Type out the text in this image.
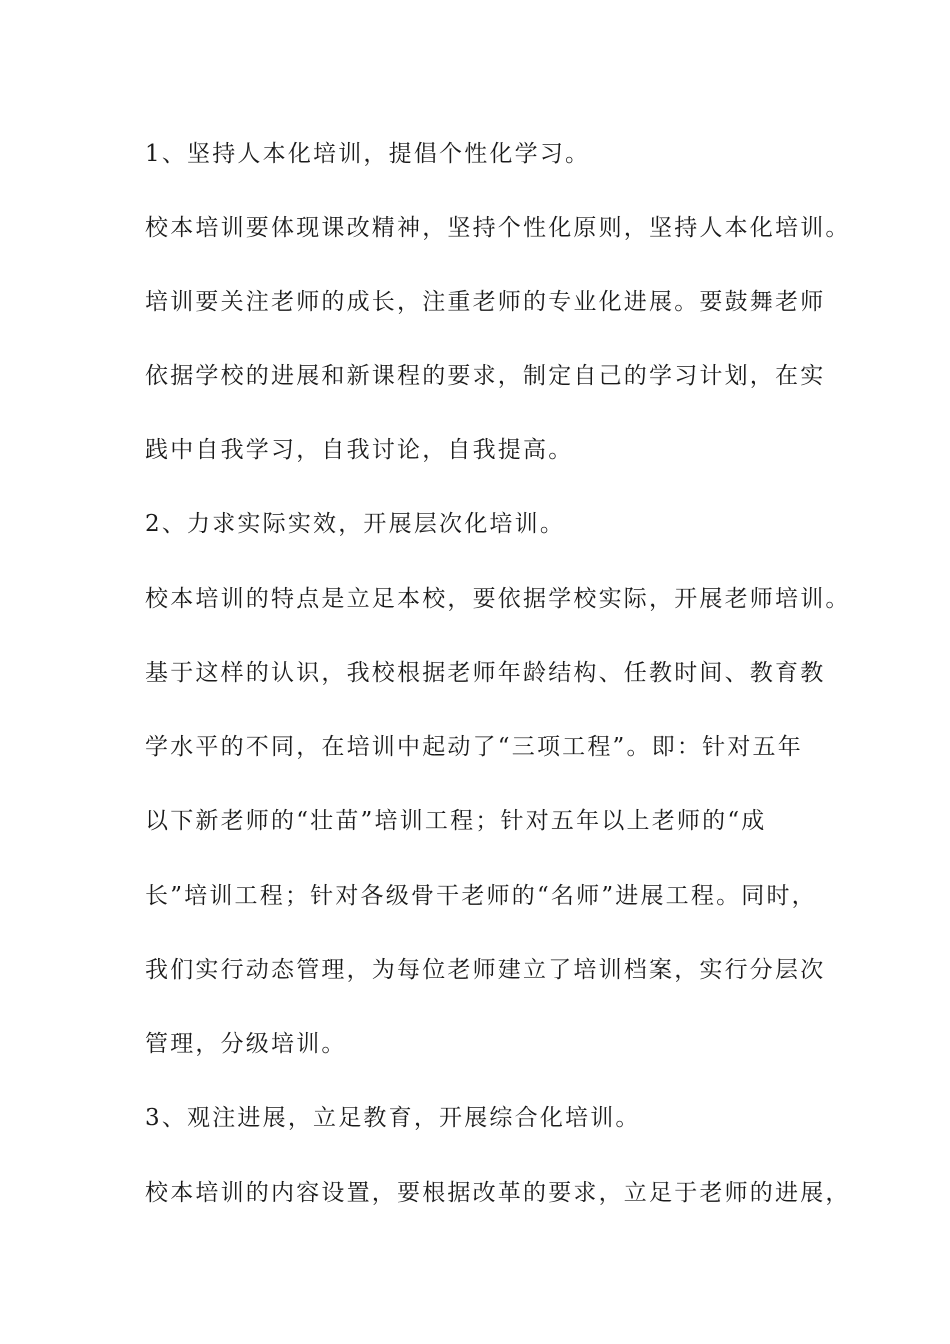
1、坚持人本化培训，提倡个性化学习。
校本培训要体现课改精神，坚持个性化原则，坚持人本化培训。
培训要关注老师的成长，注重老师的专业化进展。要鼓舞老师
依据学校的进展和新课程的要求，制定自己的学习计划，在实
践中自我学习，自我讨论，自我提高。
2、力求实际实效，开展层次化培训。
校本培训的特点是立足本校，要依据学校实际，开展老师培训。
基于这样的认识，我校根据老师年龄结构、任教时间、教育教
学水平的不同，在培训中起动了“三项工程”。即：针对五年
以下新老师的“壮苗”培训工程；针对五年以上老师的“成
长”培训工程；针对各级骨干老师的“名师”进展工程。同时，
我们实行动态管理，为每位老师建立了培训档案，实行分层次
管理，分级培训。
3、观注进展，立足教育，开展综合化培训。
校本培训的内容设置，要根据改革的要求，立足于老师的进展，
